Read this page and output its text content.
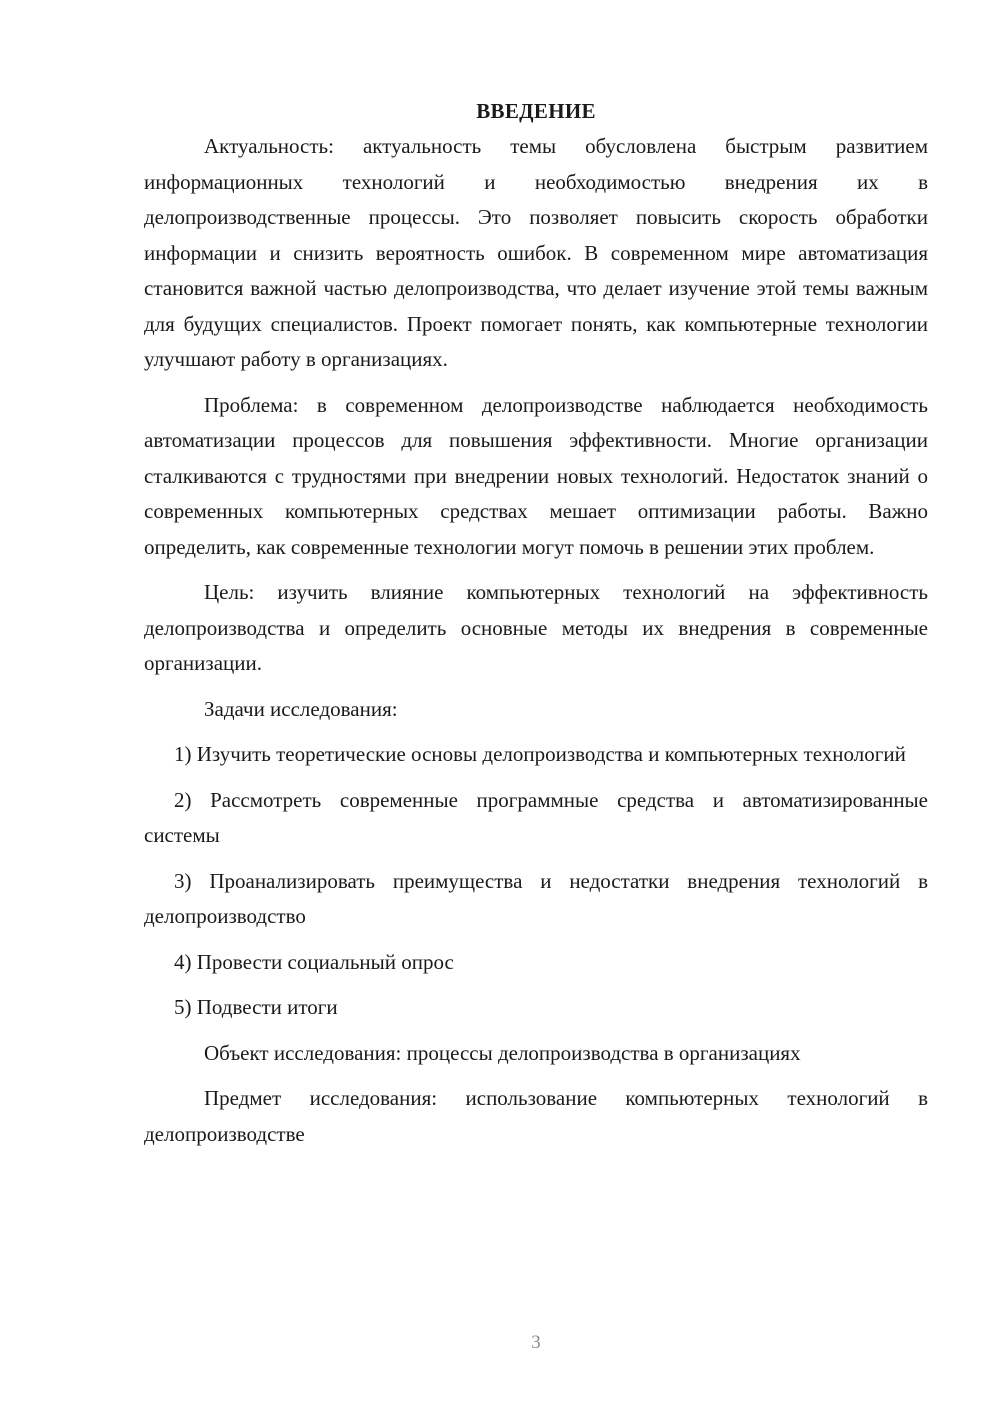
ВВЕДЕНИЕ

Актуальность: актуальность темы обусловлена быстрым развитием информационных технологий и необходимостью внедрения их в делопроизводственные процессы. Это позволяет повысить скорость обработки информации и снизить вероятность ошибок. В современном мире автоматизация становится важной частью делопроизводства, что делает изучение этой темы важным для будущих специалистов. Проект помогает понять, как компьютерные технологии улучшают работу в организациях.

Проблема: в современном делопроизводстве наблюдается необходимость автоматизации процессов для повышения эффективности. Многие организации сталкиваются с трудностями при внедрении новых технологий. Недостаток знаний о современных компьютерных средствах мешает оптимизации работы. Важно определить, как современные технологии могут помочь в решении этих проблем.

Цель: изучить влияние компьютерных технологий на эффективность делопроизводства и определить основные методы их внедрения в современные организации.

Задачи исследования:

1) Изучить теоретические основы делопроизводства и компьютерных технологий

2) Рассмотреть современные программные средства и автоматизированные системы

3) Проанализировать преимущества и недостатки внедрения технологий в делопроизводство

4) Провести социальный опрос

5) Подвести итоги

Объект исследования: процессы делопроизводства в организациях

Предмет исследования: использование компьютерных технологий в делопроизводстве

3
